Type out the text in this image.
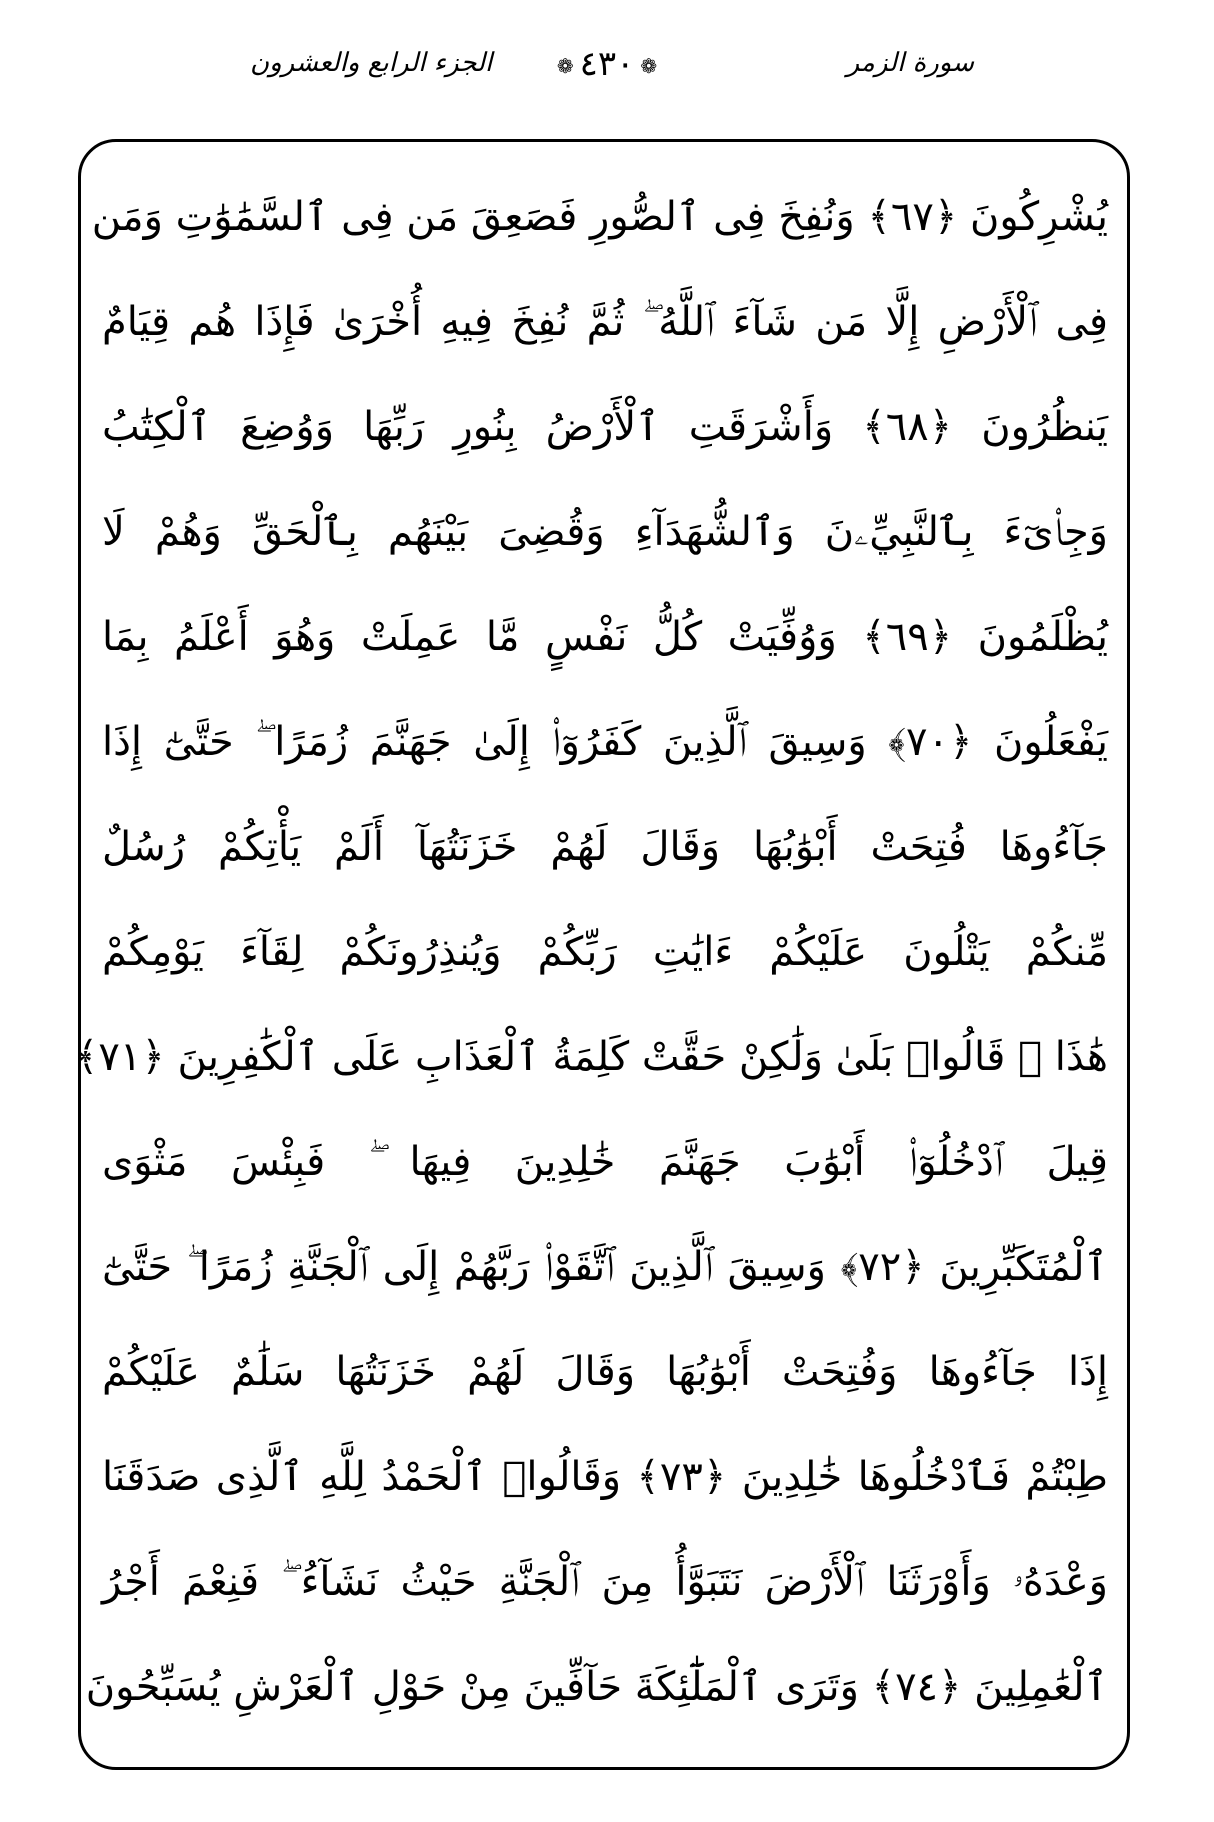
الجزء الرابع والعشرون	❁ ٤٣٠ ❁	سورة الزمر
يُشْرِكُونَ ﴿٦٧﴾ وَنُفِخَ فِى ٱلصُّورِ فَصَعِقَ مَن فِى ٱلسَّمَٰوَٰتِ وَمَن
فِى ٱلْأَرْضِ إِلَّا مَن شَآءَ ٱللَّهُ ۖ ثُمَّ نُفِخَ فِيهِ أُخْرَىٰ فَإِذَا هُم قِيَامٌ
يَنظُرُونَ ﴿٦٨﴾ وَأَشْرَقَتِ ٱلْأَرْضُ بِنُورِ رَبِّهَا وَوُضِعَ ٱلْكِتَٰبُ
وَجِا۟ىٓءَ بِٱلنَّبِيِّۦنَ وَٱلشُّهَدَآءِ وَقُضِىَ بَيْنَهُم بِٱلْحَقِّ وَهُمْ لَا
يُظْلَمُونَ ﴿٦٩﴾ وَوُفِّيَتْ كُلُّ نَفْسٍ مَّا عَمِلَتْ وَهُوَ أَعْلَمُ بِمَا
يَفْعَلُونَ ﴿٧٠﴾ وَسِيقَ ٱلَّذِينَ كَفَرُوٓا۟ إِلَىٰ جَهَنَّمَ زُمَرًا ۖ حَتَّىٰٓ إِذَا
جَآءُوهَا فُتِحَتْ أَبْوَٰبُهَا وَقَالَ لَهُمْ خَزَنَتُهَآ أَلَمْ يَأْتِكُمْ رُسُلٌ
مِّنكُمْ يَتْلُونَ عَلَيْكُمْ ءَايَٰتِ رَبِّكُمْ وَيُنذِرُونَكُمْ لِقَآءَ يَوْمِكُمْ
هَٰذَا ۚ قَالُوا۟ بَلَىٰ وَلَٰكِنْ حَقَّتْ كَلِمَةُ ٱلْعَذَابِ عَلَى ٱلْكَٰفِرِينَ ﴿٧١﴾
قِيلَ ٱدْخُلُوٓا۟ أَبْوَٰبَ جَهَنَّمَ خَٰلِدِينَ فِيهَا ۖ فَبِئْسَ مَثْوَى
ٱلْمُتَكَبِّرِينَ ﴿٧٢﴾ وَسِيقَ ٱلَّذِينَ ٱتَّقَوْا۟ رَبَّهُمْ إِلَى ٱلْجَنَّةِ زُمَرًا ۖ حَتَّىٰٓ
إِذَا جَآءُوهَا وَفُتِحَتْ أَبْوَٰبُهَا وَقَالَ لَهُمْ خَزَنَتُهَا سَلَٰمٌ عَلَيْكُمْ
طِبْتُمْ فَٱدْخُلُوهَا خَٰلِدِينَ ﴿٧٣﴾ وَقَالُوا۟ ٱلْحَمْدُ لِلَّهِ ٱلَّذِى صَدَقَنَا
وَعْدَهُۥ وَأَوْرَثَنَا ٱلْأَرْضَ نَتَبَوَّأُ مِنَ ٱلْجَنَّةِ حَيْثُ نَشَآءُ ۖ فَنِعْمَ أَجْرُ
ٱلْعَٰمِلِينَ ﴿٧٤﴾ وَتَرَى ٱلْمَلَٰٓئِكَةَ حَآفِّينَ مِنْ حَوْلِ ٱلْعَرْشِ يُسَبِّحُونَ
